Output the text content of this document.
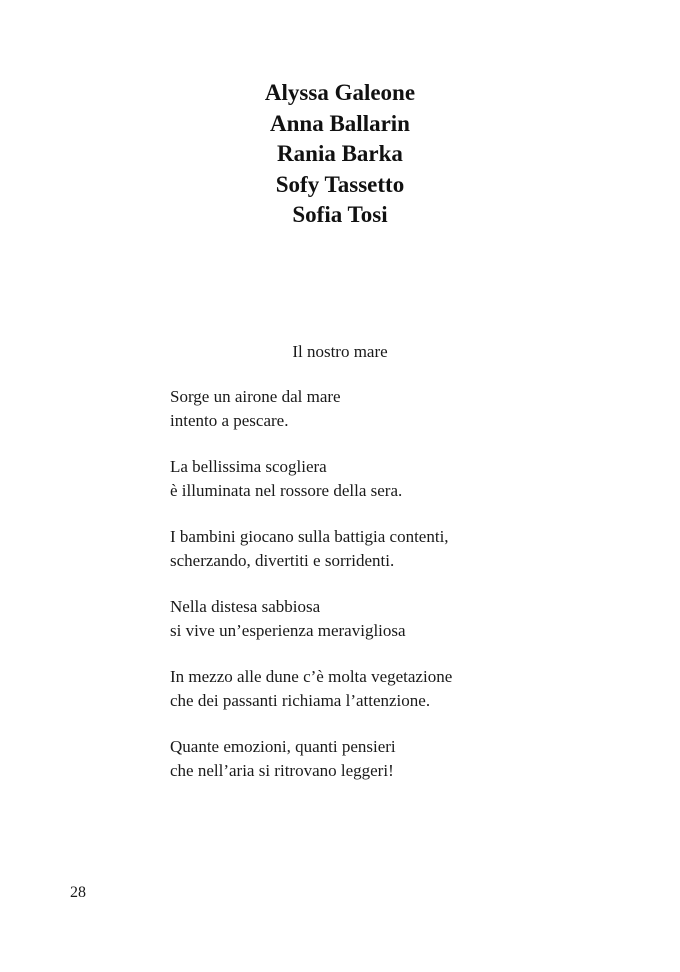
Alyssa Galeone
Anna Ballarin
Rania Barka
Sofy Tassetto
Sofia Tosi
Il nostro mare
Sorge un airone dal mare
intento a pescare.
La bellissima scogliera
è illuminata nel rossore della sera.
I bambini giocano sulla battigia contenti,
scherzando, divertiti e sorridenti.
Nella distesa sabbiosa
si vive un’esperienza meravigliosa
In mezzo alle dune c’è molta vegetazione
che dei passanti richiama l’attenzione.
Quante emozioni, quanti pensieri
che nell’aria si ritrovano leggeri!
28
